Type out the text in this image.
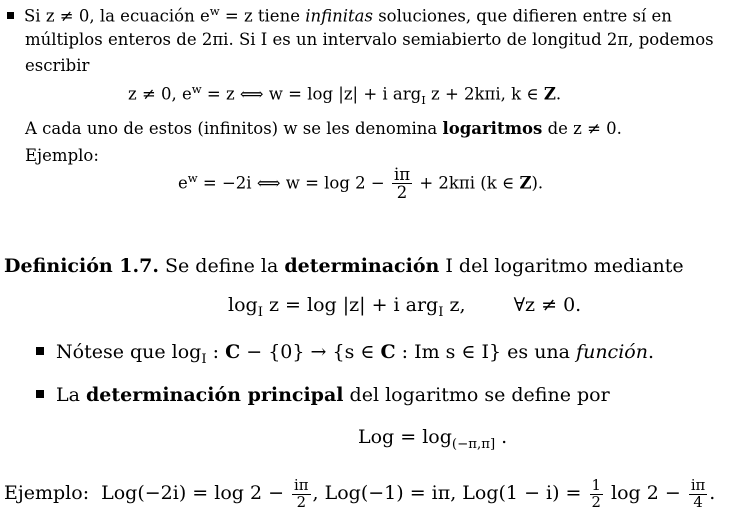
Si z ≠ 0, la ecuación $e^w = z$ tiene infinitas soluciones, que difieren entre sí en
múltiplos enteros de 2πi. Si I es un intervalo semiabierto de longitud 2π, podemos
escribir
z ≠ 0, $e^w = z$ ⟺ w = log |z| + i arg$_I$ z + 2kπi, k ∈ Z.
A cada uno de estos (infinitos) w se les denomina logaritmos de z ≠ 0.
Ejemplo:
$e^w = -2i$ ⟺ $w = \log 2 - \frac{i\pi}{2} + 2k\pi i$ (k ∈ Z).
Definición 1.7. Se define la determinación I del logaritmo mediante
$\log_I z = \log |z| + i$ arg$_I$ z,	∀z ≠ 0.
Nótese que $\log_I$ : C − {0} → {s ∈ C : Im s ∈ I} es una función.
La determinación principal del logaritmo se define por
Log = $\log_{(-\pi,\pi]}$ .
Ejemplo: $Log(-2i) = \log 2 - \frac{i\pi}{2}$ , Log(−1) = iπ, $Log(1 - i) = \frac{1}{2}$ $\log 2 - \frac{i\pi}{4}$ .
